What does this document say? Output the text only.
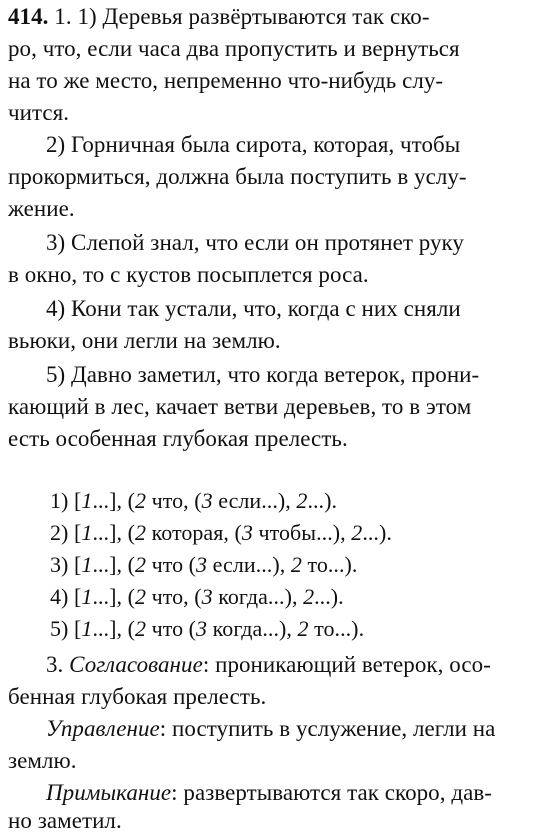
414. 1. 1) Деревья развёртываются так ско-
ро, что, если часа два пропустить и вернуться
на то же место, непременно что-нибудь слу-
чится.
2) Горничная была сирота, которая, чтобы
прокормиться, должна была поступить в услу-
жение.
3) Слепой знал, что если он протянет руку
в окно, то с кустов посыплется роса.
4) Кони так устали, что, когда с них сняли
вьюки, они легли на землю.
5) Давно заметил, что когда ветерок, прони-
кающий в лес, качает ветви деревьев, то в этом
есть особенная глубокая прелесть.
1) [1...], (2 что, (3 если...), 2...).
2) [1...], (2 которая, (3 чтобы...), 2...).
3) [1...], (2 что (3 если...), 2 то...).
4) [1...], (2 что, (3 когда...), 2...).
5) [1...], (2 что (3 когда...), 2 то...).
3. Согласование: проникающий ветерок, осо-
бенная глубокая прелесть.
Управление: поступить в услужение, легли на
землю.
Примыкание: развертываются так скоро, дав-
но заметил.
